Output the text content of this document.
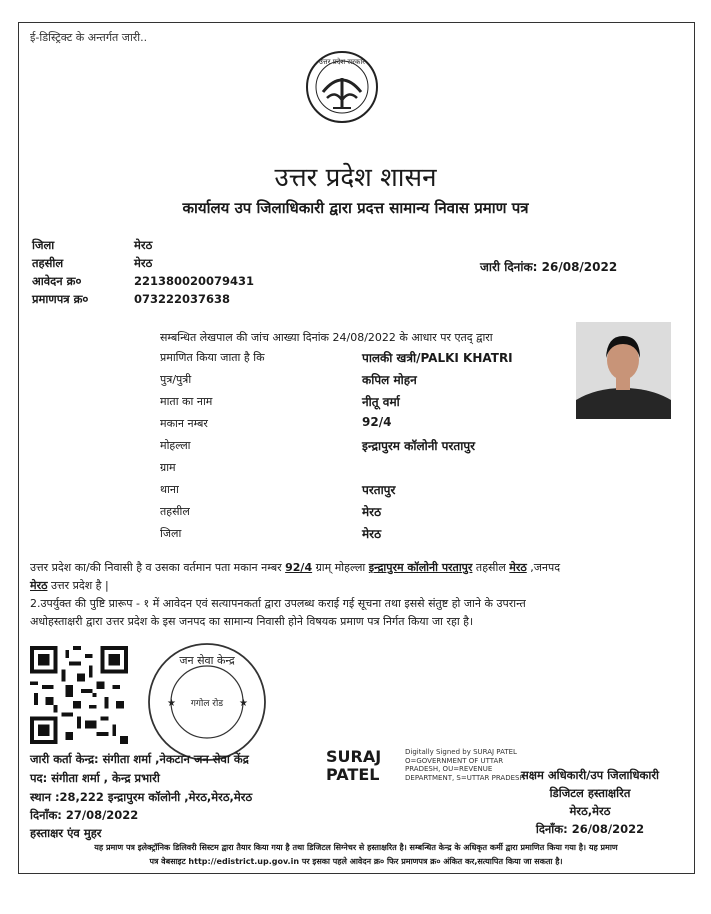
ई-डिस्ट्रिक्ट के अन्तर्गत जारी..
उत्तर प्रदेश सरकार
उत्तर प्रदेश शासन
कार्यालय उप जिलाधिकारी द्वारा प्रदत्त सामान्य निवास प्रमाण पत्र
जिला	मेरठ
तहसील	मेरठ
आवेदन क्र०	221380020079431
प्रमाणपत्र क्र०	073222037638
जारी दिनांक: 26/08/2022
सम्बन्धित लेखपाल की जांच आख्या दिनांक 24/08/2022 के आधार पर एतद् द्वारा
प्रमाणित किया जाता है कि	पालकी खत्री/PALKI KHATRI
पुत्र/पुत्री	कपिल मोहन
माता का नाम	नीतू वर्मा
मकान नम्बर	92/4
मोहल्ला	इन्द्रापुरम कॉलोनी परतापुर
ग्राम
थाना	परतापुर
तहसील	मेरठ
जिला	मेरठ
उत्तर प्रदेश का/की निवासी है व उसका वर्तमान पता मकान नम्बर 92/4 ग्राम् मोहल्ला इन्द्रापुरम कॉलोनी परतापुर तहसील मेरठ ,जनपद
मेरठ उत्तर प्रदेश है |
2.उपर्युक्त की पुष्टि प्रारूप - १ में आवेदन एवं सत्यापनकर्ता द्वारा उपलब्ध कराई गई सूचना तथा इससे संतुष्ट हो जाने के उपरान्त
अधोहस्ताक्षरी द्वारा उत्तर प्रदेश के इस जनपद का सामान्य निवासी होने विषयक प्रमाण पत्र निर्गत किया जा रहा है।
जन सेवा केन्द्र
गगोल रोड
★	★
जारी कर्ता केन्द्र: संगीता शर्मा ,नेकटान जन सेवा केंद्र
पद: संगीता शर्मा , केन्द्र प्रभारी
स्थान :28,222 इन्द्रापुरम कॉलोनी ,मेरठ,मेरठ,मेरठ
दिनाँक: 27/08/2022
हस्ताक्षर एंव मुहर
SURAJ
PATEL
Digitally Signed by SURAJ PATEL O=GOVERNMENT OF UTTAR PRADESH, OU=REVENUE DEPARTMENT, S=UTTAR PRADESH
सक्षम अधिकारी/उप जिलाधिकारी
डिजिटल हस्ताक्षरित
मेरठ,मेरठ
दिनाँक: 26/08/2022
यह प्रमाण पत्र इलेक्ट्रॉनिक डिलिवरी सिस्टम द्वारा तैयार किया गया है तथा डिजिटल सिग्नेचर से हस्ताक्षरित है। सम्बन्धित केन्द्र के अधिकृत कर्मी द्वारा प्रमाणित किया गया है। यह प्रमाण
पत्र वेबसाइट http://edistrict.up.gov.in पर इसका पहले आवेदन क्र० फिर प्रमाणपत्र क्र० अंकित कर,सत्यापित किया जा सकता है।
